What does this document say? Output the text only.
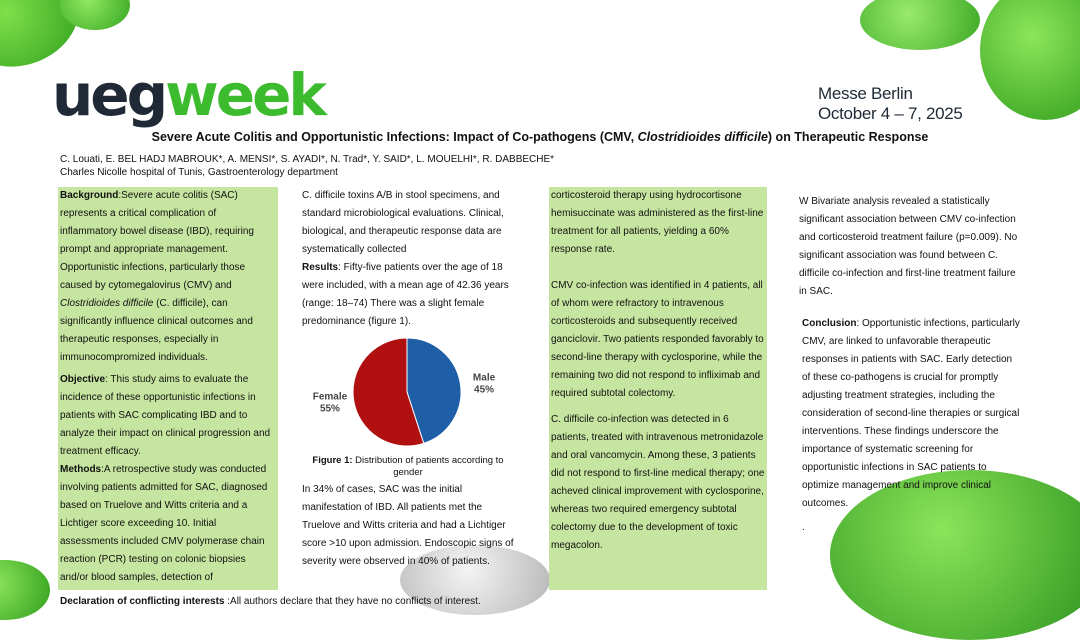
uegweek	Messe Berlin
October 4 – 7, 2025
Severe Acute Colitis and Opportunistic Infections: Impact of Co-pathogens (CMV, Clostridioides difficile) on Therapeutic Response
C. Louati, E. BEL HADJ MABROUK*, A. MENSI*, S. AYADI*, N. Trad*, Y. SAID*, L. MOUELHI*, R. DABBECHE*
Charles Nicolle hospital of Tunis, Gastroenterology department

Background:Severe acute colitis (SAC) represents a critical complication of inflammatory bowel disease (IBD), requiring prompt and appropriate management. Opportunistic infections, particularly those caused by cytomegalovirus (CMV) and Clostridioides difficile (C. difficile), can significantly influence clinical outcomes and therapeutic responses, especially in immunocompromized individuals.

Objective: This study aims to evaluate the incidence of these opportunistic infections in patients with SAC complicating IBD and to analyze their impact on clinical progression and treatment efficacy.

Methods:A retrospective study was conducted involving patients admitted for SAC, diagnosed based on Truelove and Witts criteria and a Lichtiger score exceeding 10. Initial assessments included CMV polymerase chain reaction (PCR) testing on colonic biopsies and/or blood samples, detection of

C. difficile toxins A/B in stool specimens, and standard microbiological evaluations. Clinical, biological, and therapeutic response data are systematically collected

Results: Fifty-five patients over the age of 18 were included, with a mean age of 42.36 years (range: 18–74) There was a slight female predominance (figure 1).

Male
45%
Female
55%
Figure 1: Distribution of patients according to gender

In 34% of cases, SAC was the initial manifestation of IBD. All patients met the Truelove and Witts criteria and had a Lichtiger score >10 upon admission. Endoscopic signs of severity were observed in 40% of patients.

corticosteroid therapy using hydrocortisone hemisuccinate was administered as the first-line treatment for all patients, yielding a 60% response rate.

CMV co-infection was identified in 4 patients, all of whom were refractory to intravenous corticosteroids and subsequently received ganciclovir. Two patients responded favorably to second-line therapy with cyclosporine, while the remaining two did not respond to infliximab and required subtotal colectomy.

C. difficile co-infection was detected in 6 patients, treated with intravenous metronidazole and oral vancomycin. Among these, 3 patients did not respond to first-line medical therapy; one acheved clinical improvement with cyclosporine, whereas two required emergency subtotal colectomy due to the development of toxic megacolon.

W Bivariate analysis revealed a statistically significant association between CMV co-infection and corticosteroid treatment failure (p=0.009). No significant association was found between C. difficile co-infection and first-line treatment failure in SAC.

Conclusion: Opportunistic infections, particularly CMV, are linked to unfavorable therapeutic responses in patients with SAC. Early detection of these co-pathogens is crucial for promptly adjusting treatment strategies, including the consideration of second-line therapies or surgical interventions. These findings underscore the importance of systematic screening for opportunistic infections in SAC patients to optimize management and improve clinical outcomes.

.

Declaration of conflicting interests :All authors declare that they have no conflicts of interest.
